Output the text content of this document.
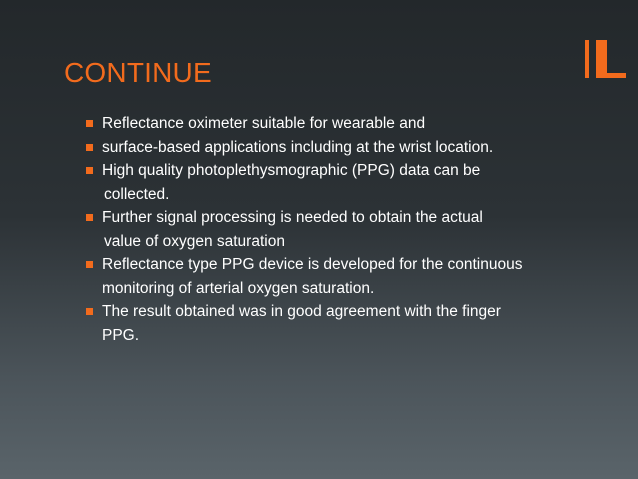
CONTINUE
Reflectance oximeter suitable for wearable and
surface-based applications including at the wrist location.
High quality photoplethysmographic (PPG) data can be
collected.
Further signal processing is needed to obtain the actual
value of oxygen saturation
Reflectance type PPG device is developed for the continuous
monitoring of arterial oxygen saturation.
The result obtained was in good agreement with the finger
PPG.
